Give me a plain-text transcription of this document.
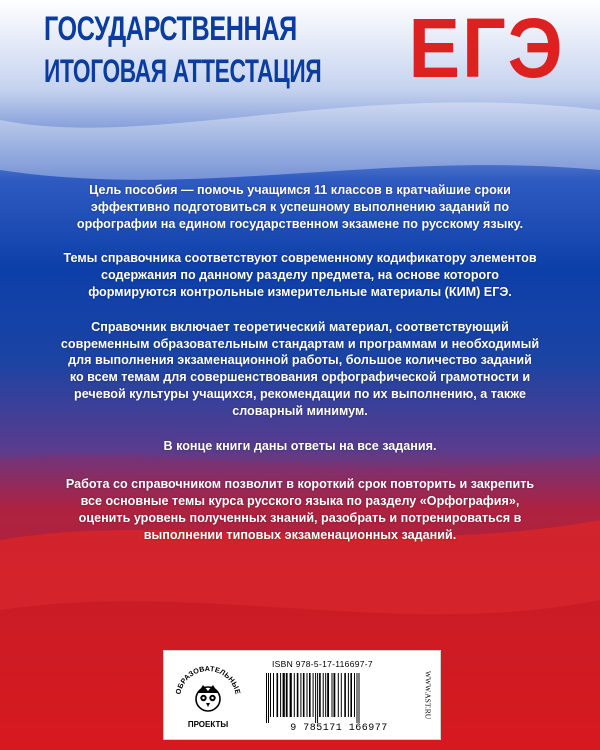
ГОСУДАРСТВЕННАЯ
ИТОГОВАЯ АТТЕСТАЦИЯ ЕГЭ

Цель пособия — помочь учащимся 11 классов в кратчайшие сроки эффективно подготовиться к успешному выполнению заданий по орфографии на едином государственном экзамене по русскому языку.

Темы справочника соответствуют современному кодификатору элементов содержания по данному разделу предмета, на основе которого формируются контрольные измерительные материалы (КИМ) ЕГЭ.

Справочник включает теоретический материал, соответствующий современным образовательным стандартам и программам и необходимый для выполнения экзаменационной работы, большое количество заданий ко всем темам для совершенствования орфографической грамотности и речевой культуры учащихся, рекомендации по их выполнению, а также словарный минимум.

В конце книги даны ответы на все задания.

Работа со справочником позволит в короткий срок повторить и закрепить все основные темы курса русского языка по разделу «Орфография», оценить уровень полученных знаний, разобрать и потренироваться в выполнении типовых экзаменационных заданий.

ОБРАЗОВАТЕЛЬНЫЕ
ПРОЕКТЫ
ISBN 978-5-17-116697-7
9 785171 166977
WWW.AST.RU
